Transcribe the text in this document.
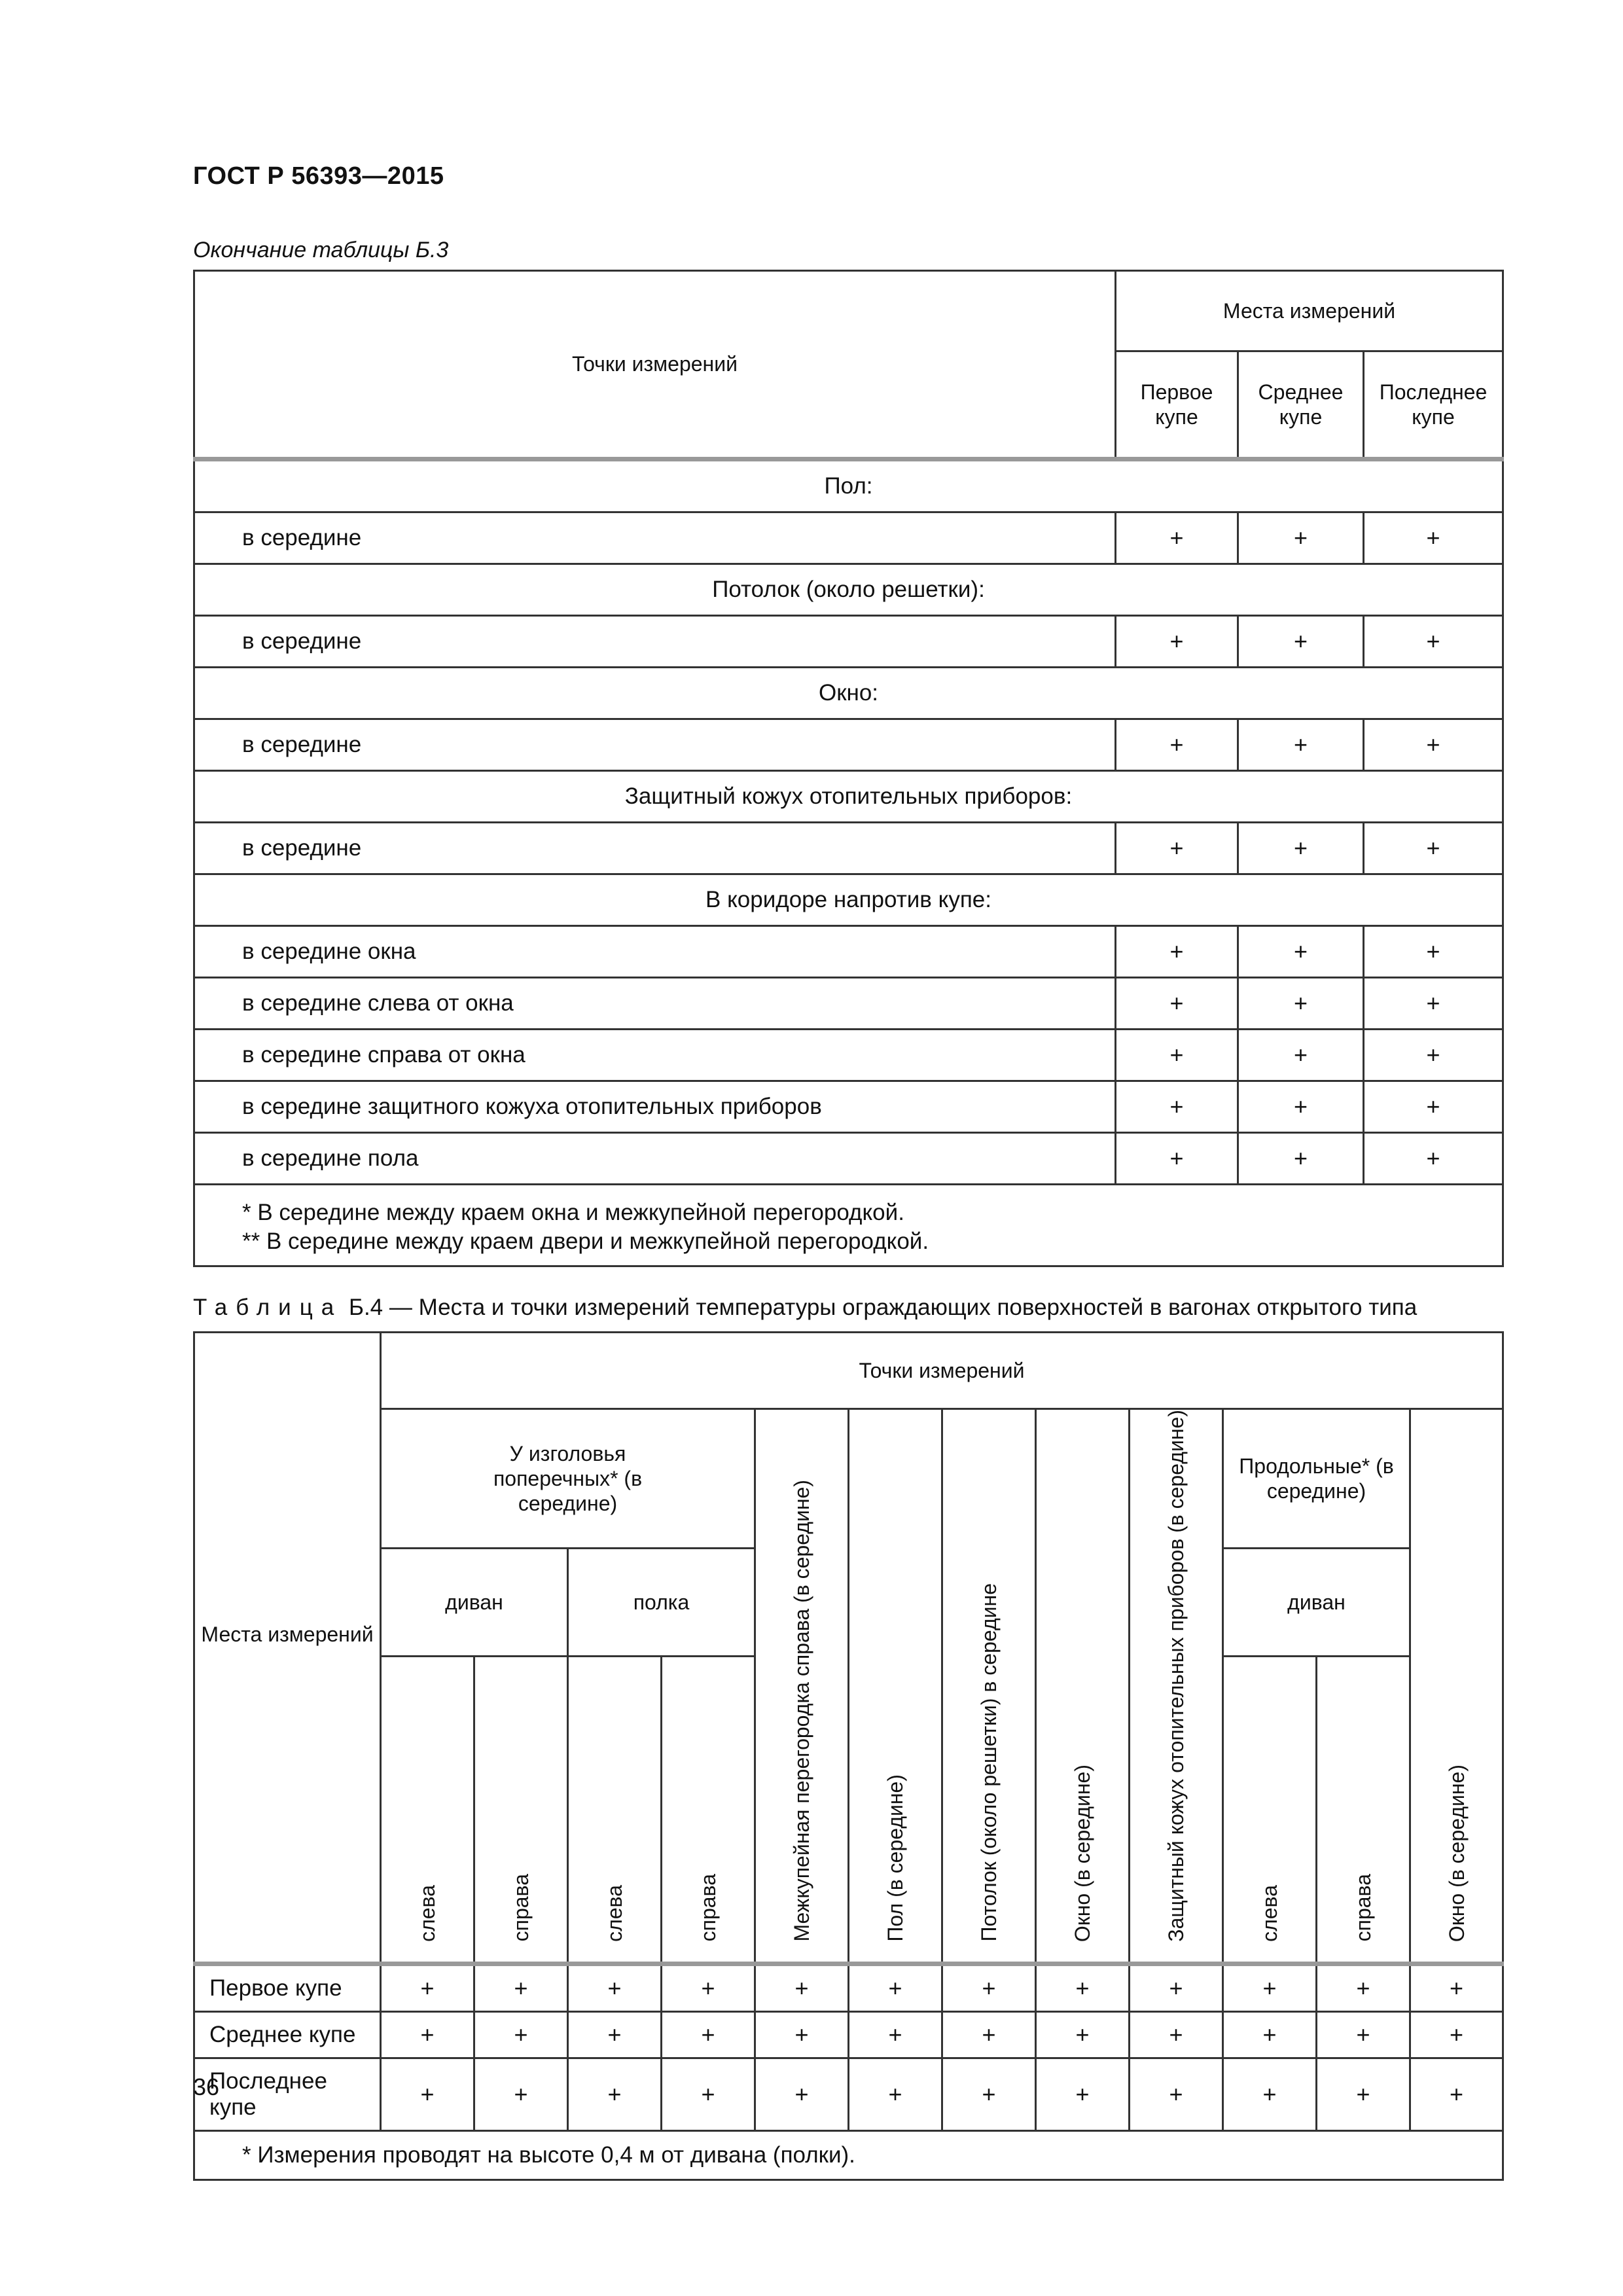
ГОСТ Р 56393—2015
Окончание таблицы Б.3
Точки измерений	Места измерений		
	Первое купе	Среднее купе	Последнее купе
Пол:			
в середине	+	+	+
Потолок (около решетки):			
в середине	+	+	+
Окно:			
в середине	+	+	+
Защитный кожух отопительных приборов:			
в середине	+	+	+
В коридоре напротив купе:			
в середине окна	+	+	+
в середине слева от окна	+	+	+
в середине справа от окна	+	+	+
в середине защитного кожуха отопительных приборов	+	+	+
в середине пола	+	+	+

* В середине между краем окна и межкупейной перегородкой.
** В середине между краем двери и межкупейной перегородкой.			
Таблица Б.4 — Места и точки измерений температуры ограждающих поверхностей в вагонах открытого типа
Места измерений	Точки измерений											
	У изголовья поперечных* (в середине)				Межкупейная перегородка справа (в середине)	Пол (в середине)	Потолок (около решетки) в середине	Окно (в середине)	Защитный кожух отопительных приборов (в середине)	Продольные* (в середине)		Окно (в середине)
	диван		полка							диван		
	слева	справа	слева	справа						слева	справа	
Первое купе	+	+	+	+	+	+	+	+	+	+	+	+
Среднее купе	+	+	+	+	+	+	+	+	+	+	+	+
Последнее купе	+	+	+	+	+	+	+	+	+	+	+	+
* Измерения проводят на высоте 0,4 м от дивана (полки).												
36
